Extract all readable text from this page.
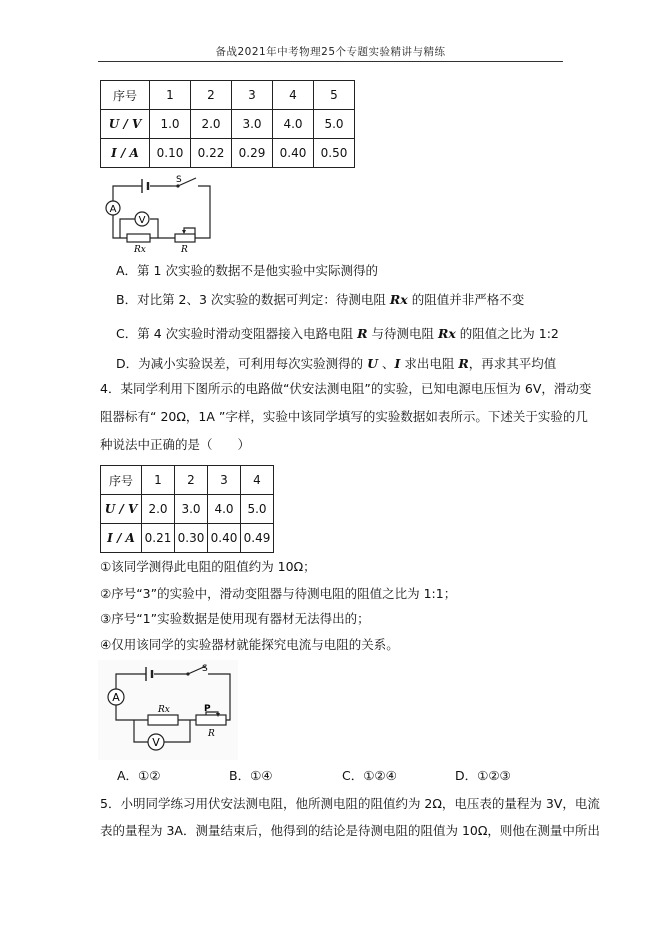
备战2021年中考物理25个专题实验精讲与精练
序号	1	2	3	4	5
U / V	1.0	2.0	3.0	4.0	5.0
I / A	0.10	0.22	0.29	0.40	0.50
A
V
S
Rx	R
A．第 1 次实验的数据不是他实验中实际测得的
B．对比第 2、3 次实验的数据可判定：待测电阻 Rx 的阻值并非严格不变
C．第 4 次实验时滑动变阻器接入电路电阻 R 与待测电阻 Rx 的阻值之比为 1:2
D．为减小实验误差，可利用每次实验测得的 U 、I 求出电阻 R，再求其平均值
4．某同学利用下图所示的电路做“伏安法测电阻”的实验，已知电源电压恒为 6V，滑动变
阻器标有“ 20Ω，1A ”字样，实验中该同学填写的实验数据如表所示。下述关于实验的几
种说法中正确的是（　　）
序号	1	2	3	4
U / V	2.0	3.0	4.0	5.0
I / A	0.21	0.30	0.40	0.49
①该同学测得此电阻的阻值约为 10Ω；
②序号“3”的实验中，滑动变阻器与待测电阻的阻值之比为 1:1；
③序号“1”实验数据是使用现有器材无法得出的；
④仅用该同学的实验器材就能探究电流与电阻的关系。
A
V
S
Rx	P
R
A．①②	B．①④	C．①②④	D．①②③
5．小明同学练习用伏安法测电阻，他所测电阻的阻值约为 2Ω，电压表的量程为 3V，电流
表的量程为 3A．测量结束后，他得到的结论是待测电阻的阻值为 10Ω，则他在测量中所出
